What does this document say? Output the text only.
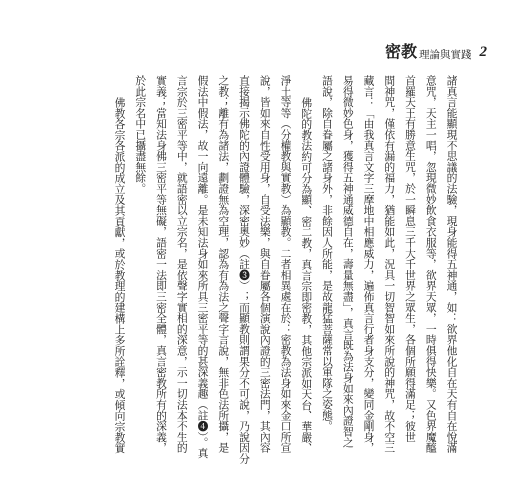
密教 理論與實踐 2
諸真言能顯現不思議的法驗，現身能得五神通，如：欲界他化自在天有自在悅滿
意咒，天主一唱，忽現微妙飲食衣服等，欲界天眾，一時俱得快樂。又色界魔醯
首羅天王有勝意生咒，於一瞬息三千大千世界之眾生，各個所願得滿足；彼世
間神咒，僅依有漏的福力，猶能如此，況具一切智智如來所說的神咒，故不空三
藏言：「由我真言文字三摩地中相應威力，遍佈真言行者身支分，變同金剛身，
易得微妙色身，獲得五神通威德自在，壽量無盡」，真言既為法身如來內證智之
語說，除自眷屬之諸身外，非餘因人所能，是故龍猛菩薩常以軍隊之姿態。
佛陀的教法約可分為顯、密二教，真言宗即密教，其他宗派如天台、華嚴、
淨土等等（分權教與實教）為顯教。二者相異處在於：密教為法身如來金口所宣
說，皆如來自性受用身，自受法樂，與自眷屬各個演說內證的三密法門，其內容
直接揭示佛陀的內證體驗，深密奧妙（註❸）；而顯教則謂果分不可說，乃說因分
之教；離有為諸法，劃證無為空理，認為有為法之聲字言說，無非色法所攝，是
假法中假法，故一向遠離。是未知法身如來所具三密平等的甚深義趣（註❹）。真
言宗於三密平等中，就語密以立宗名，是依聲字實相的深意，示一切法本不生的
實義；當知法身佛三密平等無礙，語密一法即三密全體，真言密教所有的深義，
於此宗名中已攝盡無餘。
佛教各宗各派的成立及其貢獻，或於教理的建構上多所詮釋，或傾向宗教實
